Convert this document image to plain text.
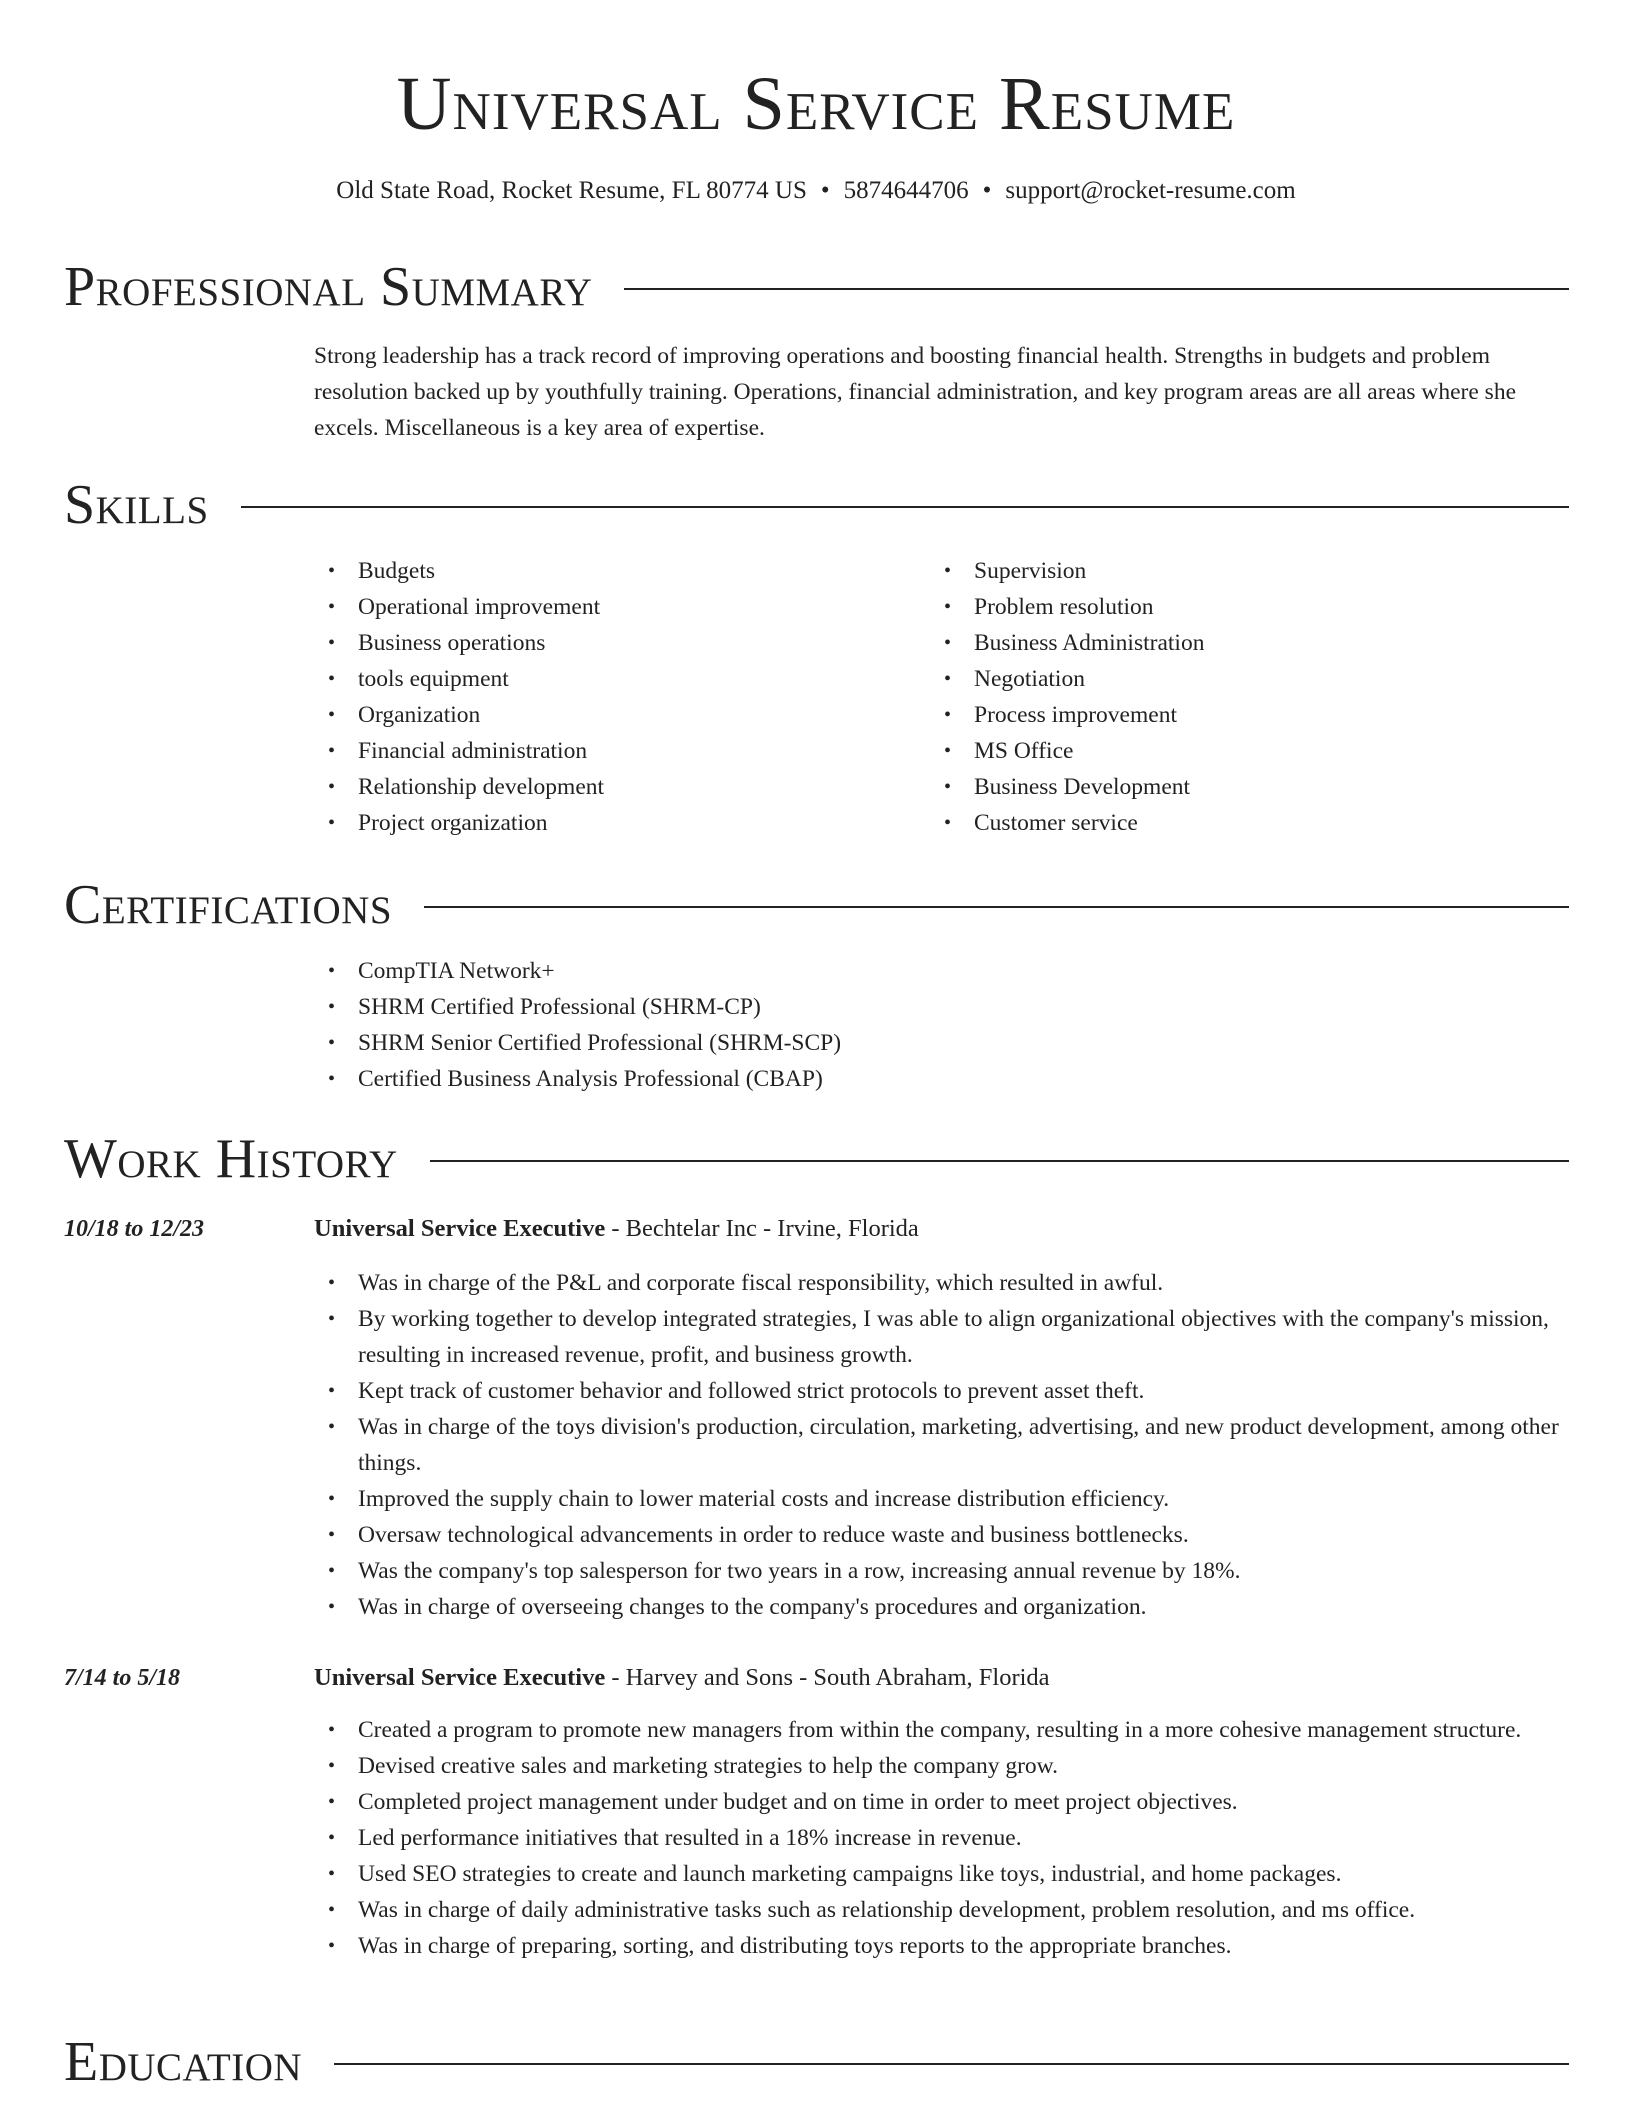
Universal Service Resume
Old State Road, Rocket Resume, FL 80774 US • 5874644706 • support@rocket-resume.com
Professional Summary

Strong leadership has a track record of improving operations and boosting financial health. Strengths in budgets and problem resolution backed up by youthfully training. Operations, financial administration, and key program areas are all areas where she excels. Miscellaneous is a key area of expertise.

Skills
• Budgets
• Operational improvement
• Business operations
• tools equipment
• Organization
• Financial administration
• Relationship development
• Project organization
• Supervision
• Problem resolution
• Business Administration
• Negotiation
• Process improvement
• MS Office
• Business Development
• Customer service
Certifications
• CompTIA Network+
• SHRM Certified Professional (SHRM-CP)
• SHRM Senior Certified Professional (SHRM-SCP)
• Certified Business Analysis Professional (CBAP)
Work History
10/18 to 12/23	Universal Service Executive - Bechtelar Inc - Irvine, Florida
• Was in charge of the P&L and corporate fiscal responsibility, which resulted in awful.
• By working together to develop integrated strategies, I was able to align organizational objectives with the company's mission, resulting in increased revenue, profit, and business growth.
• Kept track of customer behavior and followed strict protocols to prevent asset theft.
• Was in charge of the toys division's production, circulation, marketing, advertising, and new product development, among other things.
• Improved the supply chain to lower material costs and increase distribution efficiency.
• Oversaw technological advancements in order to reduce waste and business bottlenecks.
• Was the company's top salesperson for two years in a row, increasing annual revenue by 18%.
• Was in charge of overseeing changes to the company's procedures and organization.
7/14 to 5/18	Universal Service Executive - Harvey and Sons - South Abraham, Florida
• Created a program to promote new managers from within the company, resulting in a more cohesive management structure.
• Devised creative sales and marketing strategies to help the company grow.
• Completed project management under budget and on time in order to meet project objectives.
• Led performance initiatives that resulted in a 18% increase in revenue.
• Used SEO strategies to create and launch marketing campaigns like toys, industrial, and home packages.
• Was in charge of daily administrative tasks such as relationship development, problem resolution, and ms office.
• Was in charge of preparing, sorting, and distributing toys reports to the appropriate branches.
Education
